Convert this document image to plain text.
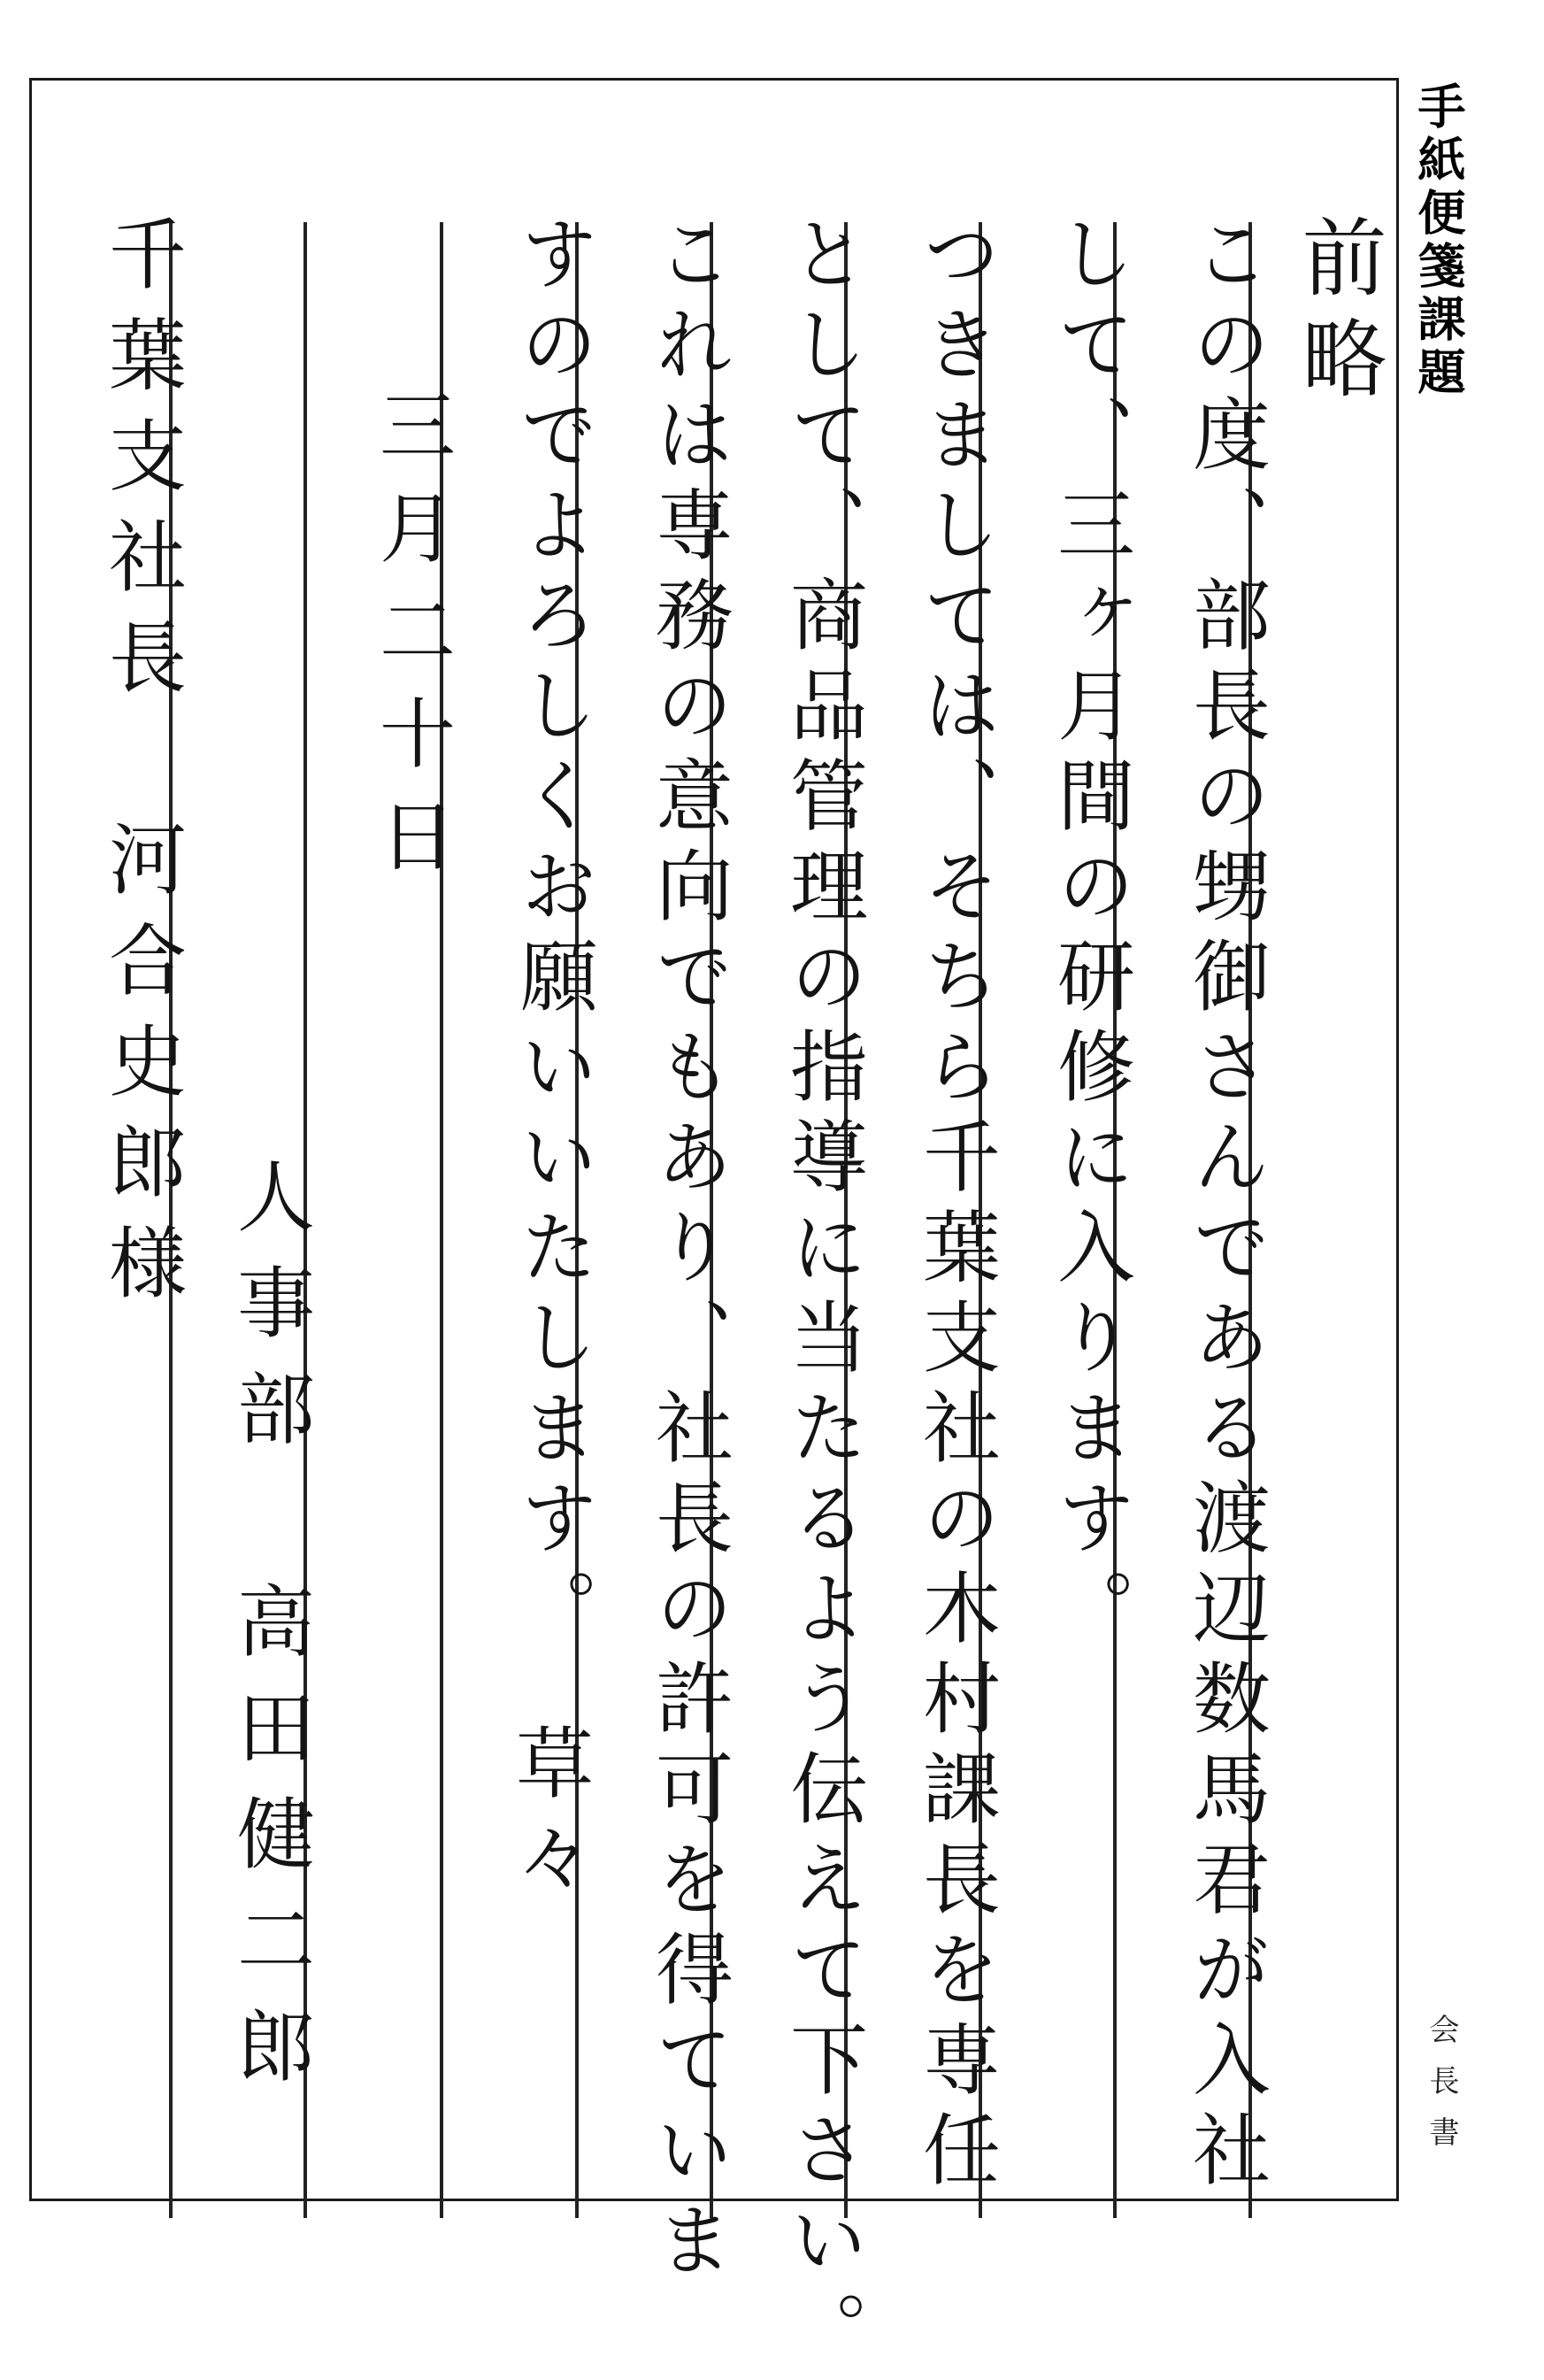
前略
この度、部長の甥御さんである渡辺数馬君が入社
して、三ヶ月間の研修に入ります。
つきましては、そちら千葉支社の木村課長を専任
として、商品管理の指導に当たるよう伝えて下さい。
これは専務の意向でもあり、社長の許可を得ていま
すのでよろしくお願いいたします。
草々
三月二十日
人事部　高田健二郎
千葉支社長　河合史郎様	手紙便箋課題
会長書
